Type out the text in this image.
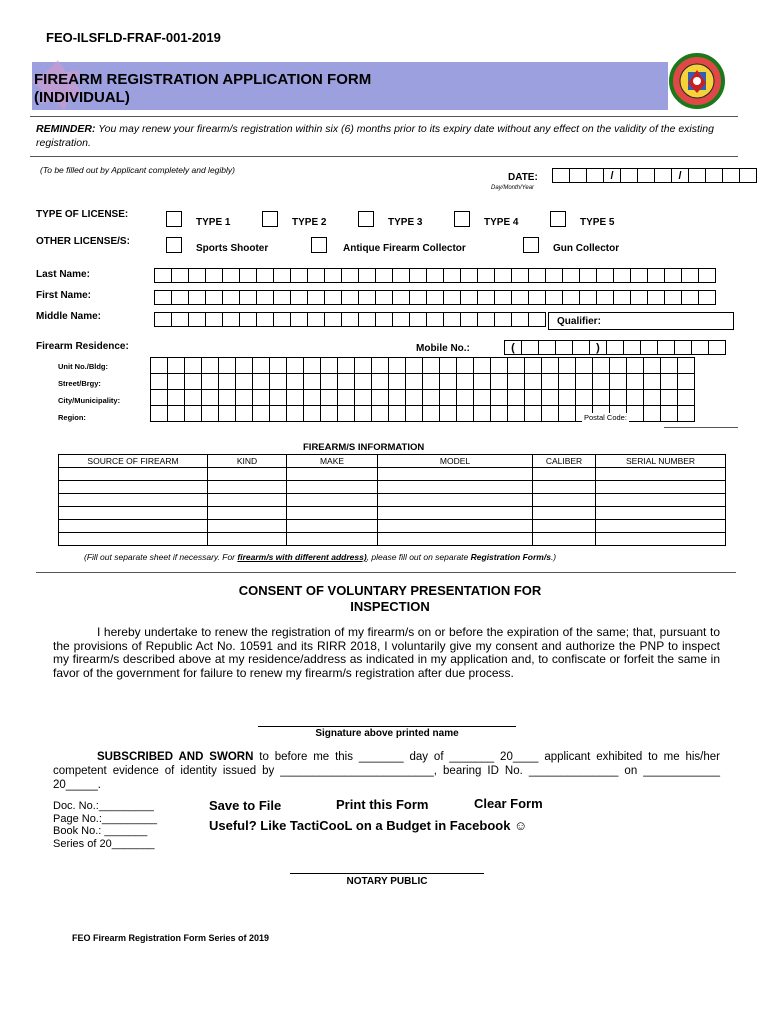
FEO-ILSFLD-FRAF-001-2019
FIREARM REGISTRATION APPLICATION FORM
(INDIVIDUAL)
REMINDER: You may renew your firearm/s registration within six (6) months prior to its expiry date without any effect on the validity of the existing registration.
(To be filled out by Applicant completely and legibly)
DATE:
Day/Month/Year
			/				/				
TYPE OF LICENSE:
TYPE 1	TYPE 2	TYPE 3	TYPE 4	TYPE 5
OTHER LICENSE/S:
Sports Shooter	Antique Firearm Collector	Gun Collector
Last Name:

First Name:

Middle Name:
																							Qualifier:
Firearm Residence:	Mobile No.:	(					)							
Unit No./Bldg:
Street/Brgy:
City/Municipality:
Region:

																																Postal Code:
FIREARM/S INFORMATION
SOURCE OF FIREARM	KIND	MAKE	MODEL	CALIBER	SERIAL NUMBER

(Fill out separate sheet if necessary. For firearm/s with different address), please fill out on separate Registration Form/s.)
CONSENT OF VOLUNTARY PRESENTATION FOR
INSPECTION
I hereby undertake to renew the registration of my firearm/s on or before the expiration of the same; that, pursuant to the provisions of Republic Act No. 10591 and its RIRR 2018, I voluntarily give my consent and authorize the PNP to inspect my firearm/s described above at my residence/address as indicated in my application and, to confiscate or forfeit the same in favor of the government for failure to renew my firearm/s registration after due process.
Signature above printed name
SUBSCRIBED AND SWORN to before me this _______ day of _______ 20____ applicant exhibited to me his/her competent evidence of identity issued by ________________________, bearing ID No. ______________ on ____________ 20_____.
Doc. No.:_________
Page No.:_________
Book No.: _______
Series of 20_______
Save to File	Print this Form	Clear Form
Useful? Like TactiCooL on a Budget in Facebook ☺
NOTARY PUBLIC
FEO Firearm Registration Form Series of 2019
